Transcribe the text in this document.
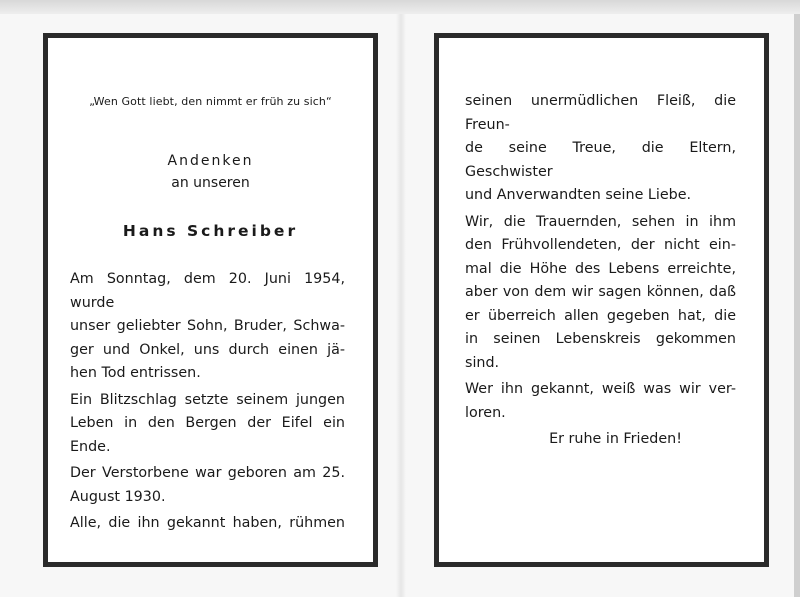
„Wen Gott liebt, den nimmt er früh zu sich“
Andenken
an unseren
Hans Schreiber
Am Sonntag, dem 20. Juni 1954, wurde
unser geliebter Sohn, Bruder, Schwa-
ger und Onkel, uns durch einen jä-
hen Tod entrissen.
Ein Blitzschlag setzte seinem jungen
Leben in den Bergen der Eifel ein
Ende.
Der Verstorbene war geboren am 25.
August 1930.
Alle, die ihn gekannt haben, rühmen
seinen unermüdlichen Fleiß, die Freun-
de seine Treue, die Eltern, Geschwister
und Anverwandten seine Liebe.
Wir, die Trauernden, sehen in ihm
den Frühvollendeten, der nicht ein-
mal die Höhe des Lebens erreichte,
aber von dem wir sagen können, daß
er überreich allen gegeben hat, die
in seinen Lebenskreis gekommen sind.
Wer ihn gekannt, weiß was wir ver-
loren.
Er ruhe in Frieden!
